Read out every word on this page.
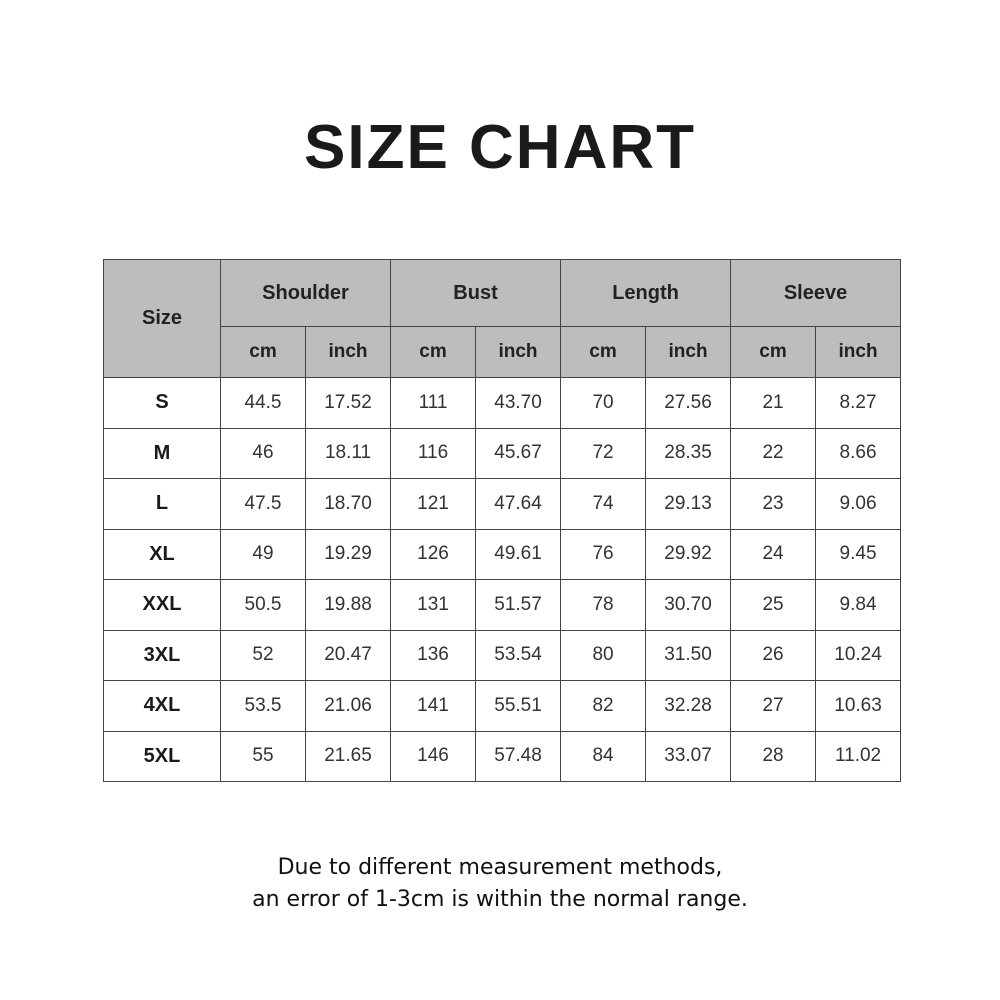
SIZE CHART
Size	Shoulder		Bust		Length		Sleeve	
	cm	inch	cm	inch	cm	inch	cm	inch
S	44.5	17.52	111	43.70	70	27.56	21	8.27
M	46	18.11	116	45.67	72	28.35	22	8.66
L	47.5	18.70	121	47.64	74	29.13	23	9.06
XL	49	19.29	126	49.61	76	29.92	24	9.45
XXL	50.5	19.88	131	51.57	78	30.70	25	9.84
3XL	52	20.47	136	53.54	80	31.50	26	10.24
4XL	53.5	21.06	141	55.51	82	32.28	27	10.63
5XL	55	21.65	146	57.48	84	33.07	28	11.02
Due to different measurement methods,
an error of 1-3cm is within the normal range.
